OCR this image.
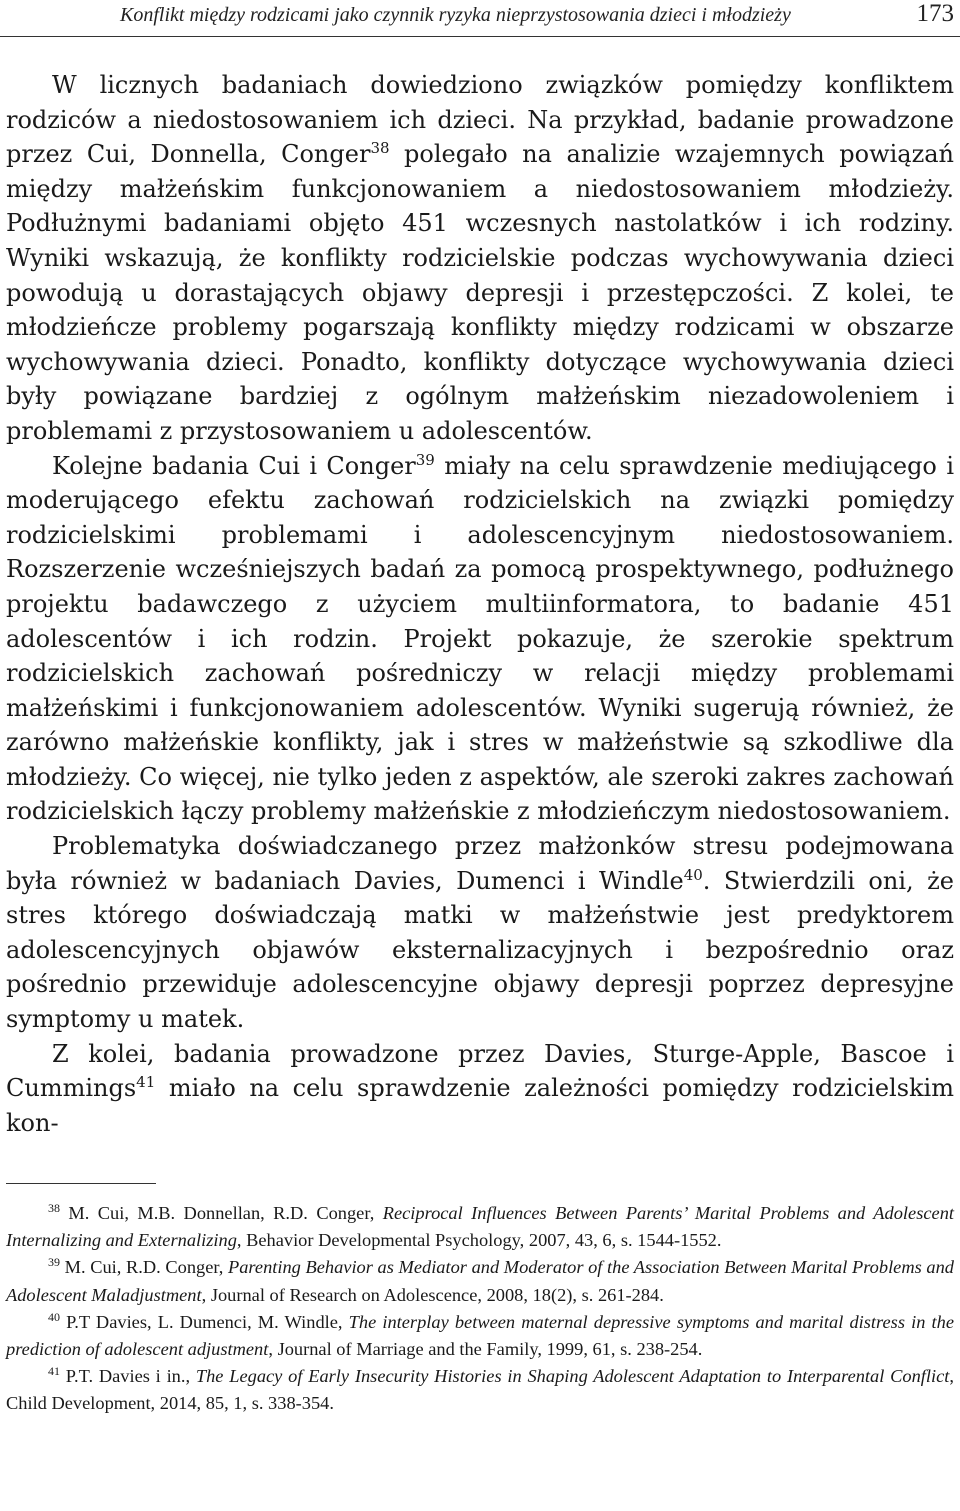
Konflikt między rodzicami jako czynnik ryzyka nieprzystosowania dzieci i młodzieży	173

W licznych badaniach dowiedziono związków pomiędzy konfliktem rodziców a niedostosowaniem ich dzieci. Na przykład, badanie prowadzone przez Cui, Donnella, Conger$^{38}$ polegało na analizie wzajemnych powiązań między małżeńskim funkcjonowaniem a niedostosowaniem młodzieży. Podłużnymi badaniami objęto 451 wczesnych nastolatków i ich rodziny. Wyniki wskazują, że konflikty rodzicielskie podczas wychowywania dzieci powodują u dorastających objawy depresji i przestępczości. Z kolei, te młodzieńcze problemy pogarszają konflikty między rodzicami w obszarze wychowywania dzieci. Ponadto, konflikty dotyczące wychowywania dzieci były powiązane bardziej z ogólnym małżeńskim niezadowoleniem i problemami z przystosowaniem u adolescentów.

Kolejne badania Cui i Conger$^{39}$ miały na celu sprawdzenie mediującego i moderującego efektu zachowań rodzicielskich na związki pomiędzy rodzicielskimi problemami i adolescencyjnym niedostosowaniem. Rozszerzenie wcześniejszych badań za pomocą prospektywnego, podłużnego projektu badawczego z użyciem multiinformatora, to badanie 451 adolescentów i ich rodzin. Projekt pokazuje, że szerokie spektrum rodzicielskich zachowań pośredniczy w relacji między problemami małżeńskimi i funkcjonowaniem adolescentów. Wyniki sugerują również, że zarówno małżeńskie konflikty, jak i stres w małżeństwie są szkodliwe dla młodzieży. Co więcej, nie tylko jeden z aspektów, ale szeroki zakres zachowań rodzicielskich łączy problemy małżeńskie z młodzieńczym niedostosowaniem.

Problematyka doświadczanego przez małżonków stresu podejmowana była również w badaniach Davies, Dumenci i Windle$^{40}$. Stwierdzili oni, że stres którego doświadczają matki w małżeństwie jest predyktorem adolescencyjnych objawów eksternalizacyjnych i bezpośrednio oraz pośrednio przewiduje adolescencyjne objawy depresji poprzez depresyjne symptomy u matek.

Z kolei, badania prowadzone przez Davies, Sturge-Apple, Bascoe i Cummings$^{41}$ miało na celu sprawdzenie zależności pomiędzy rodzicielskim kon-

$^{38}$ M. Cui, M.B. Donnellan, R.D. Conger, Reciprocal Influences Between Parents’ Marital Problems and Adolescent Internalizing and Externalizing, Behavior Developmental Psychology, 2007, 43, 6, s. 1544-1552.

$^{39}$ M. Cui, R.D. Conger, Parenting Behavior as Mediator and Moderator of the Association Between Marital Problems and Adolescent Maladjustment, Journal of Research on Adolescence, 2008, 18(2), s. 261-284.

$^{40}$ P.T Davies, L. Dumenci, M. Windle, The interplay between maternal depressive symptoms and marital distress in the prediction of adolescent adjustment, Journal of Marriage and the Family, 1999, 61, s. 238-254.

$^{41}$ P.T. Davies i in., The Legacy of Early Insecurity Histories in Shaping Adolescent Adaptation to Interparental Conflict, Child Development, 2014, 85, 1, s. 338-354.
